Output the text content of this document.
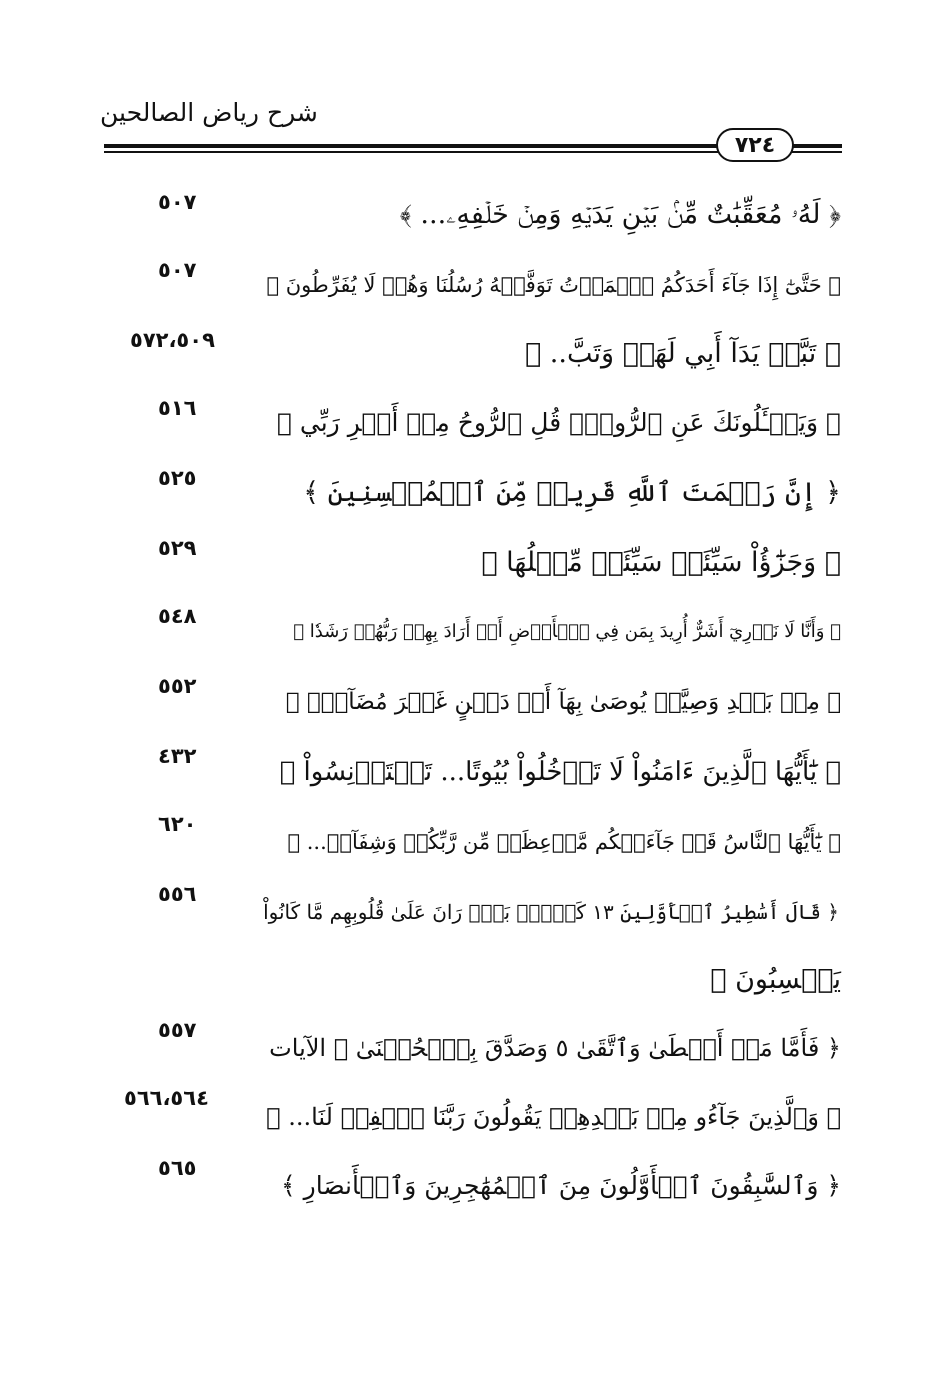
شرح رياض الصالحين
٧٢٤
﴿ لَهُۥ مُعَقِّبَٰتٌ مِّنۢ بَيۡنِ يَدَيۡهِ وَمِنۡ خَلۡفِهِۦ... ﴾
٥٠٧
﴿ حَتَّىٰٓ إِذَا جَآءَ أَحَدَكُمُ ٱلۡمَوۡتُ تَوَفَّتۡهُ رُسُلُنَا وَهُمۡ لَا يُفَرِّطُونَ ﴾
٥٠٧
﴿ تَبَّتۡ يَدَآ أَبِي لَهَبٖ وَتَبَّ.. ﴾
٥٧٢،٥٠٩
﴿ وَيَسۡـَٔلُونَكَ عَنِ ٱلرُّوحِۖ قُلِ ٱلرُّوحُ مِنۡ أَمۡرِ رَبِّي ﴾
٥١٦
﴿ إِنَّ رَحۡمَتَ ٱللَّهِ قَرِيبٞ مِّنَ ٱلۡمُحۡسِنِينَ ﴾
٥٢٥
﴿ وَجَزَٰٓؤُاْ سَيِّئَةٖ سَيِّئَةٞ مِّثۡلُهَا ﴾
٥٢٩
﴿ وَأَنَّا لَا نَدۡرِيٓ أَشَرٌّ أُرِيدَ بِمَن فِي ٱلۡأَرۡضِ أَمۡ أَرَادَ بِهِمۡ رَبُّهُمۡ رَشَدٗا ﴾
٥٤٨
﴿ مِنۢ بَعۡدِ وَصِيَّةٖ يُوصَىٰ بِهَآ أَوۡ دَيۡنٍ غَيۡرَ مُضَآرّٖ ﴾
٥٥٢
﴿ يَٰٓأَيُّهَا ٱلَّذِينَ ءَامَنُواْ لَا تَدۡخُلُواْ بُيُوتًا... تَسۡتَأۡنِسُواْ ﴾
٤٣٢
﴿ يَٰٓأَيُّهَا ٱلنَّاسُ قَدۡ جَآءَتۡكُم مَّوۡعِظَةٞ مِّن رَّبِّكُمۡ وَشِفَآءٞ... ﴾
٦٢٠
﴿ قَالَ أَسَٰطِيرُ ٱلۡأَوَّلِينَ ١٣ كَلَّاۖ بَلۡۜ رَانَ عَلَىٰ قُلُوبِهِم مَّا كَانُواْ
يَكۡسِبُونَ ﴾
٥٥٦
﴿ فَأَمَّا مَنۡ أَعۡطَىٰ وَٱتَّقَىٰ ٥ وَصَدَّقَ بِٱلۡحُسۡنَىٰ ﴾ الآيات
٥٥٧
﴿ وَٱلَّذِينَ جَآءُو مِنۢ بَعۡدِهِمۡ يَقُولُونَ رَبَّنَا ٱغۡفِرۡ لَنَا... ﴾
٥٦٦،٥٦٤
﴿ وَٱلسَّٰبِقُونَ ٱلۡأَوَّلُونَ مِنَ ٱلۡمُهَٰجِرِينَ وَٱلۡأَنصَارِ ﴾
٥٦٥
